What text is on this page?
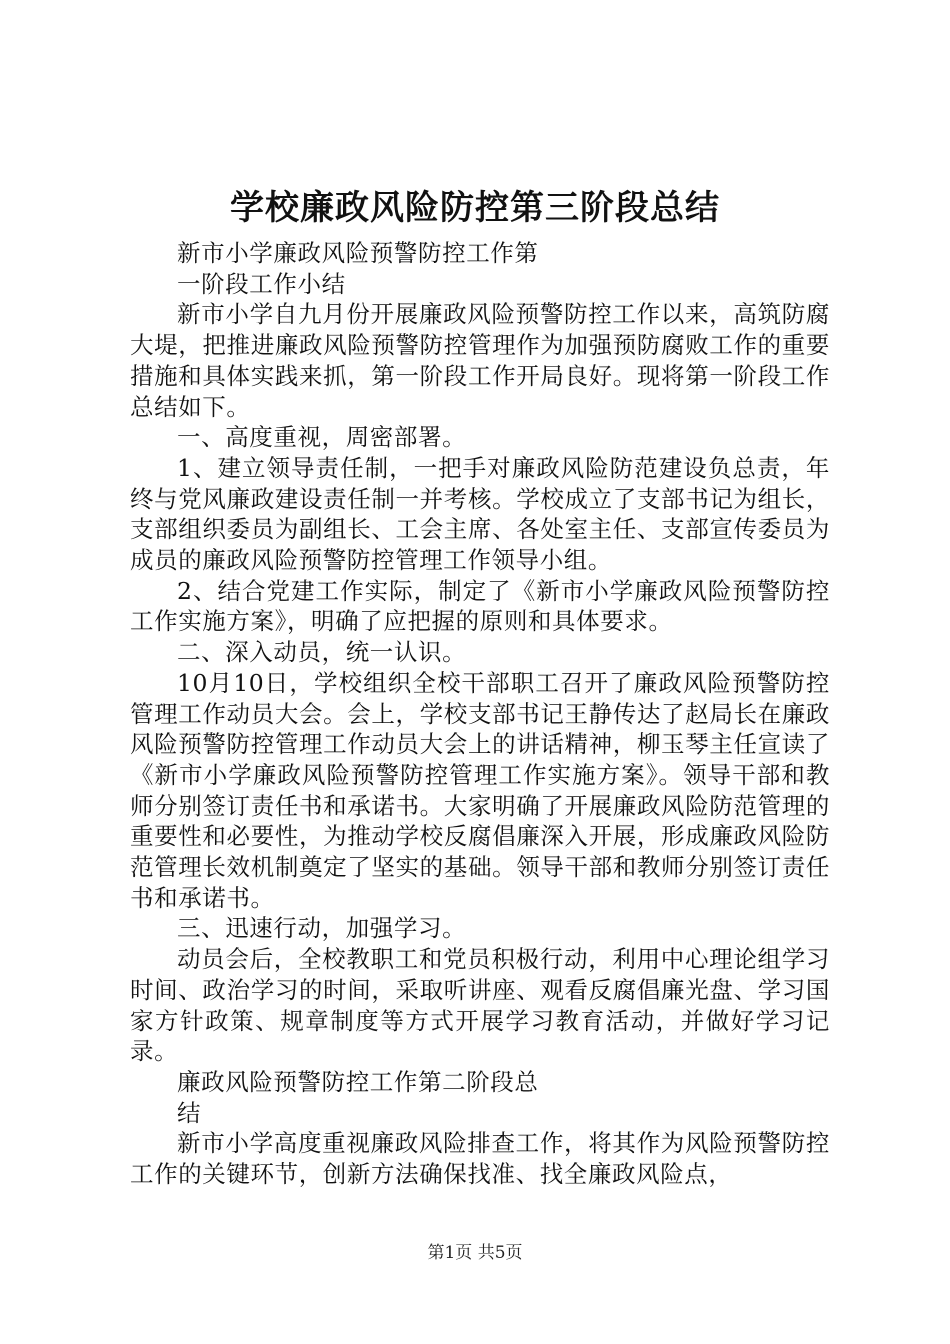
学校廉政风险防控第三阶段总结

新市小学廉政风险预警防控工作第

一阶段工作小结

新市小学自九月份开展廉政风险预警防控工作以来，高筑防腐大堤，把推进廉政风险预警防控管理作为加强预防腐败工作的重要措施和具体实践来抓，第一阶段工作开局良好。现将第一阶段工作总结如下。

一、高度重视，周密部署。

1、建立领导责任制，一把手对廉政风险防范建设负总责，年终与党风廉政建设责任制一并考核。学校成立了支部书记为组长，支部组织委员为副组长、工会主席、各处室主任、支部宣传委员为成员的廉政风险预警防控管理工作领导小组。

2、结合党建工作实际，制定了《新市小学廉政风险预警防控工作实施方案》，明确了应把握的原则和具体要求。

二、深入动员，统一认识。

10月10日，学校组织全校干部职工召开了廉政风险预警防控管理工作动员大会。会上，学校支部书记王静传达了赵局长在廉政风险预警防控管理工作动员大会上的讲话精神，柳玉琴主任宣读了《新市小学廉政风险预警防控管理工作实施方案》。领导干部和教师分别签订责任书和承诺书。大家明确了开展廉政风险防范管理的重要性和必要性，为推动学校反腐倡廉深入开展，形成廉政风险防范管理长效机制奠定了坚实的基础。领导干部和教师分别签订责任书和承诺书。

三、迅速行动，加强学习。

动员会后，全校教职工和党员积极行动，利用中心理论组学习时间、政治学习的时间，采取听讲座、观看反腐倡廉光盘、学习国家方针政策、规章制度等方式开展学习教育活动，并做好学习记录。

廉政风险预警防控工作第二阶段总

结

新市小学高度重视廉政风险排查工作，将其作为风险预警防控工作的关键环节，创新方法确保找准、找全廉政风险点，

第1页 共5页
